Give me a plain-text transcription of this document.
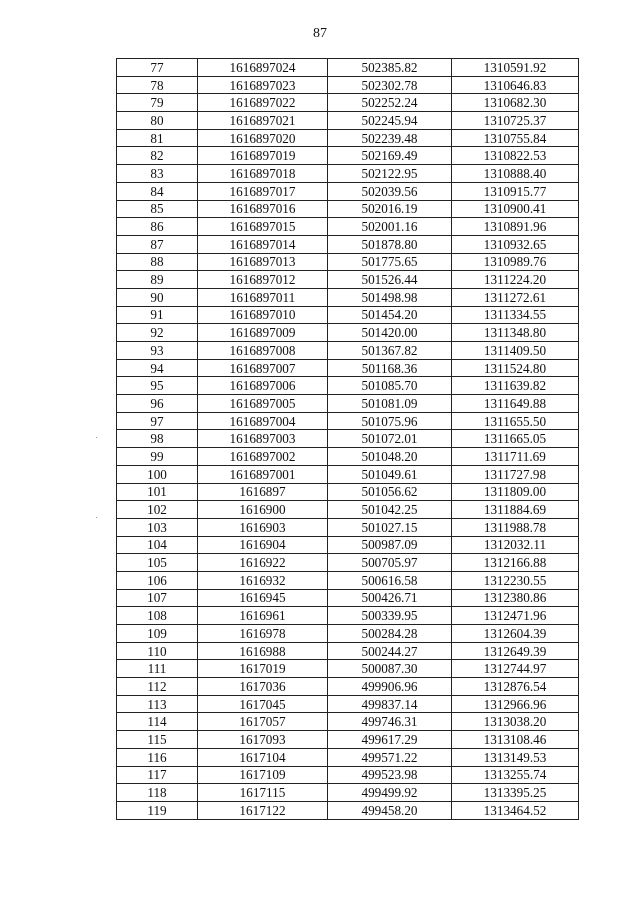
87
77	1616897024	502385.82	1310591.92
78	1616897023	502302.78	1310646.83
79	1616897022	502252.24	1310682.30
80	1616897021	502245.94	1310725.37
81	1616897020	502239.48	1310755.84
82	1616897019	502169.49	1310822.53
83	1616897018	502122.95	1310888.40
84	1616897017	502039.56	1310915.77
85	1616897016	502016.19	1310900.41
86	1616897015	502001.16	1310891.96
87	1616897014	501878.80	1310932.65
88	1616897013	501775.65	1310989.76
89	1616897012	501526.44	1311224.20
90	1616897011	501498.98	1311272.61
91	1616897010	501454.20	1311334.55
92	1616897009	501420.00	1311348.80
93	1616897008	501367.82	1311409.50
94	1616897007	501168.36	1311524.80
95	1616897006	501085.70	1311639.82
96	1616897005	501081.09	1311649.88
97	1616897004	501075.96	1311655.50
98	1616897003	501072.01	1311665.05
99	1616897002	501048.20	1311711.69
100	1616897001	501049.61	1311727.98
101	1616897	501056.62	1311809.00
102	1616900	501042.25	1311884.69
103	1616903	501027.15	1311988.78
104	1616904	500987.09	1312032.11
105	1616922	500705.97	1312166.88
106	1616932	500616.58	1312230.55
107	1616945	500426.71	1312380.86
108	1616961	500339.95	1312471.96
109	1616978	500284.28	1312604.39
110	1616988	500244.27	1312649.39
111	1617019	500087.30	1312744.97
112	1617036	499906.96	1312876.54
113	1617045	499837.14	1312966.96
114	1617057	499746.31	1313038.20
115	1617093	499617.29	1313108.46
116	1617104	499571.22	1313149.53
117	1617109	499523.98	1313255.74
118	1617115	499499.92	1313395.25
119	1617122	499458.20	1313464.52
